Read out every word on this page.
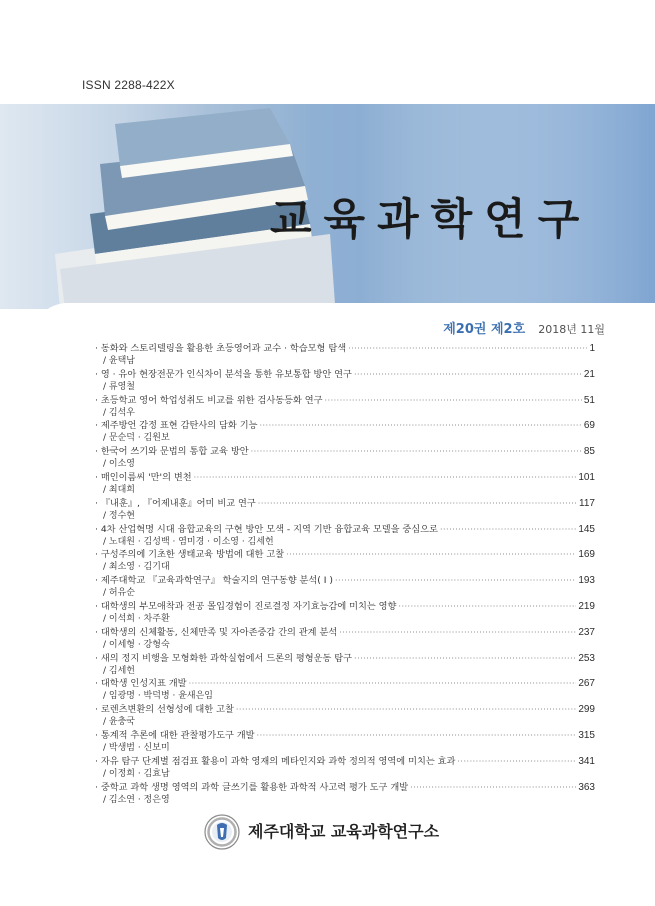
ISSN 2288-422X
교육과학연구
제20권 제2호 2018년 11월
· 동화와 스토리텔링을 활용한 초등영어과 교수 · 학습모형 탐색 ·····	1
/ 윤택남
· 영 · 유아 현장전문가 인식차이 분석을 통한 유보통합 방안 연구 ·····	21
/ 류영철
· 초등학교 영어 학업성취도 비교를 위한 검사동등화 연구 ·····	51
/ 김석우
· 제주방언 감정 표현 감탄사의 담화 기능 ·····	69
/ 문순덕 · 김원보
· 한국어 쓰기와 문법의 통합 교육 방안 ·····	85
/ 이소영
· 매인이름씨 '만'의 변천 ·····	101
/ 최대희
· 『내훈』, 『어제내훈』어미 비교 연구 ·····	117
/ 정수현
· 4차 산업혁명 시대 융합교육의 구현 방안 모색 - 지역 기반 융합교육 모델을 중심으로 ·····	145
/ 노대원 · 김성백 · 염미경 · 이소영 · 김세헌
· 구성주의에 기초한 생태교육 방법에 대한 고찰 ·····	169
/ 최소영 · 김기대
· 제주대학교 『교육과학연구』 학술지의 연구동향 분석( I ) ·····	193
/ 허유순
· 대학생의 부모애착과 전공 몰입경험이 진로결정 자기효능감에 미치는 영향 ·····	219
/ 이석희 · 차주환
· 대학생의 신체활동, 신체만족 및 자아존중감 간의 관계 분석 ·····	237
/ 이세형 · 강형숙
· 새의 정지 비행을 모형화한 과학실험에서 드론의 평형운동 탐구 ·····	253
/ 김세헌
· 대학생 인성지표 개발 ·····	267
/ 임광명 · 박덕병 · 윤새은임
· 로렌츠변환의 선형성에 대한 고찰 ·····	299
/ 윤충국
· 통계적 추론에 대한 관찰평가도구 개발 ·····	315
/ 박생범 · 신보미
· 자유 탐구 단계별 점검표 활용이 과학 영재의 메타인지와 과학 정의적 영역에 미치는 효과 ·····	341
/ 이정희 · 김효남
· 중학교 과학 생명 영역의 과학 글쓰기를 활용한 과학적 사고력 평가 도구 개발 ·····	363
/ 김소연 · 정은영
제주대학교 교육과학연구소
